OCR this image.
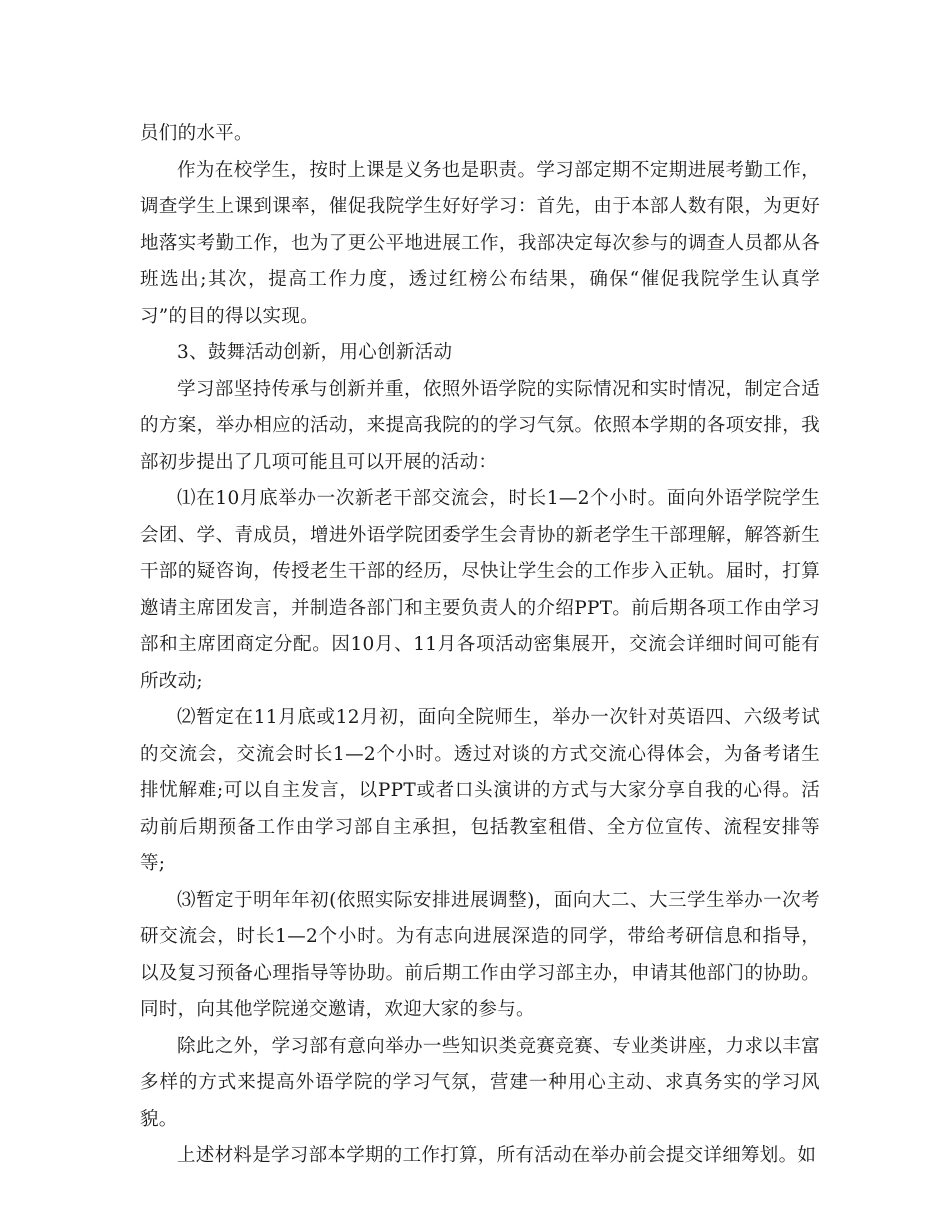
员们的水平。

作为在校学生，按时上课是义务也是职责。学习部定期不定期进展考勤工作，调查学生上课到课率，催促我院学生好好学习：首先，由于本部人数有限，为更好地落实考勤工作，也为了更公平地进展工作，我部决定每次参与的调查人员都从各班选出;其次，提高工作力度，透过红榜公布结果，确保“催促我院学生认真学习”的目的得以实现。

3、鼓舞活动创新，用心创新活动

学习部坚持传承与创新并重，依照外语学院的实际情况和实时情况，制定合适的方案，举办相应的活动，来提高我院的的学习气氛。依照本学期的各项安排，我部初步提出了几项可能且可以开展的活动：

⑴在10月底举办一次新老干部交流会，时长1—2个小时。面向外语学院学生会团、学、青成员，增进外语学院团委学生会青协的新老学生干部理解，解答新生干部的疑咨询，传授老生干部的经历，尽快让学生会的工作步入正轨。届时，打算邀请主席团发言，并制造各部门和主要负责人的介绍PPT。前后期各项工作由学习部和主席团商定分配。因10月、11月各项活动密集展开，交流会详细时间可能有所改动;

⑵暂定在11月底或12月初，面向全院师生，举办一次针对英语四、六级考试的交流会，交流会时长1—2个小时。透过对谈的方式交流心得体会，为备考诸生排忧解难;可以自主发言，以PPT或者口头演讲的方式与大家分享自我的心得。活动前后期预备工作由学习部自主承担，包括教室租借、全方位宣传、流程安排等等;

⑶暂定于明年年初(依照实际安排进展调整)，面向大二、大三学生举办一次考研交流会，时长1—2个小时。为有志向进展深造的同学，带给考研信息和指导，以及复习预备心理指导等协助。前后期工作由学习部主办，申请其他部门的协助。同时，向其他学院递交邀请，欢迎大家的参与。

除此之外，学习部有意向举办一些知识类竞赛竞赛、专业类讲座，力求以丰富多样的方式来提高外语学院的学习气氛，营建一种用心主动、求真务实的学习风貌。

上述材料是学习部本学期的工作打算，所有活动在举办前会提交详细筹划。如
